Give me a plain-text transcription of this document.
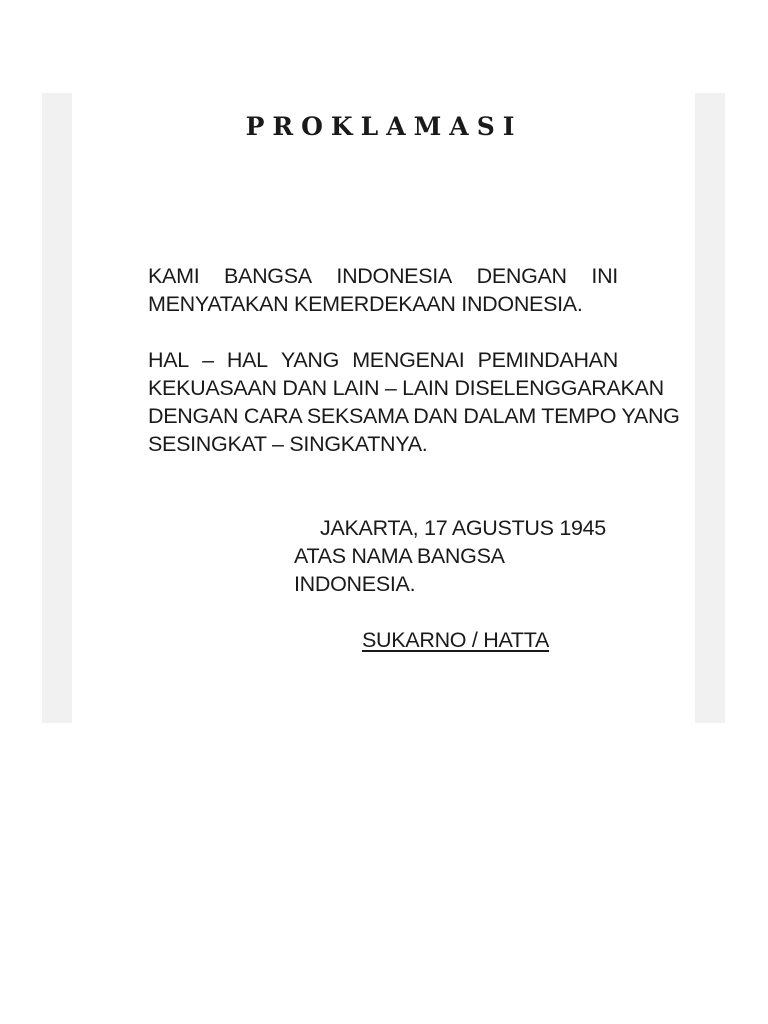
PROKLAMASI
KAMI BANGSA INDONESIA DENGAN INI
MENYATAKAN KEMERDEKAAN INDONESIA.
HAL – HAL YANG MENGENAI PEMINDAHAN
KEKUASAAN DAN LAIN – LAIN DISELENGGARAKAN
DENGAN CARA SEKSAMA DAN DALAM TEMPO YANG
SESINGKAT – SINGKATNYA.
JAKARTA, 17 AGUSTUS 1945
ATAS NAMA BANGSA INDONESIA.
SUKARNO / HATTA
